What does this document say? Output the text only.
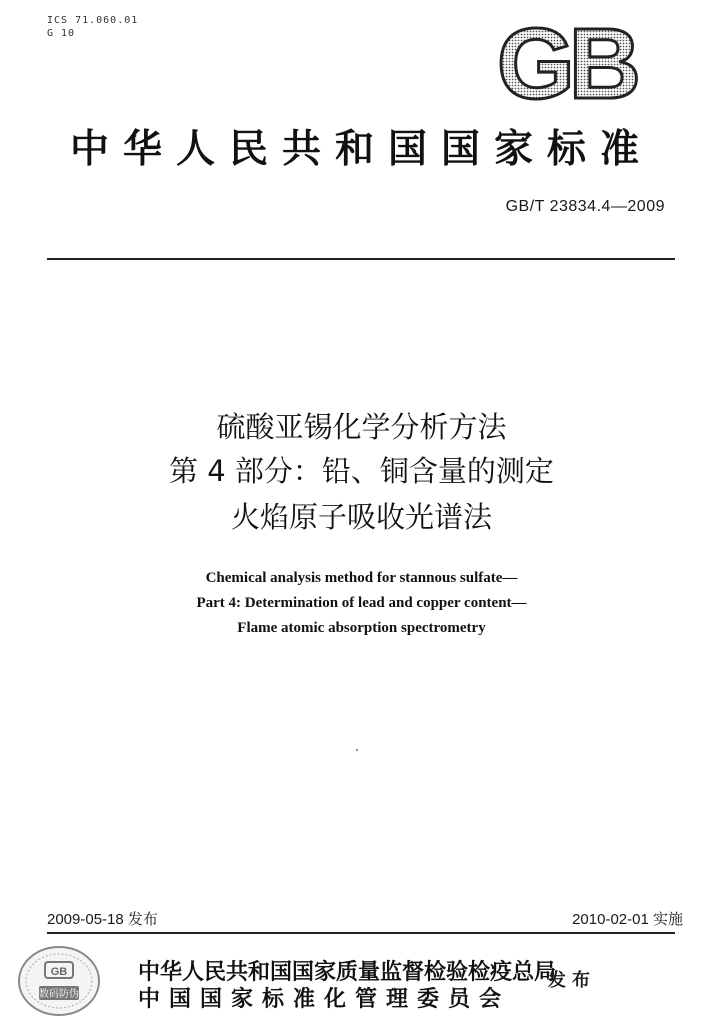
ICS 71.060.01
G 10	GB
中华人民共和国国家标准
GB/T 23834.4—2009
硫酸亚锡化学分析方法
第 4 部分：铅、铜含量的测定
火焰原子吸收光谱法
Chemical analysis method for stannous sulfate—
Part 4: Determination of lead and copper content—
Flame atomic absorption spectrometry
2009-05-18 发布	2010-02-01 实施
GB
数码防伪
中华人民共和国国家质量监督检验检疫总局
中国国家标准化管理委员会
发布
